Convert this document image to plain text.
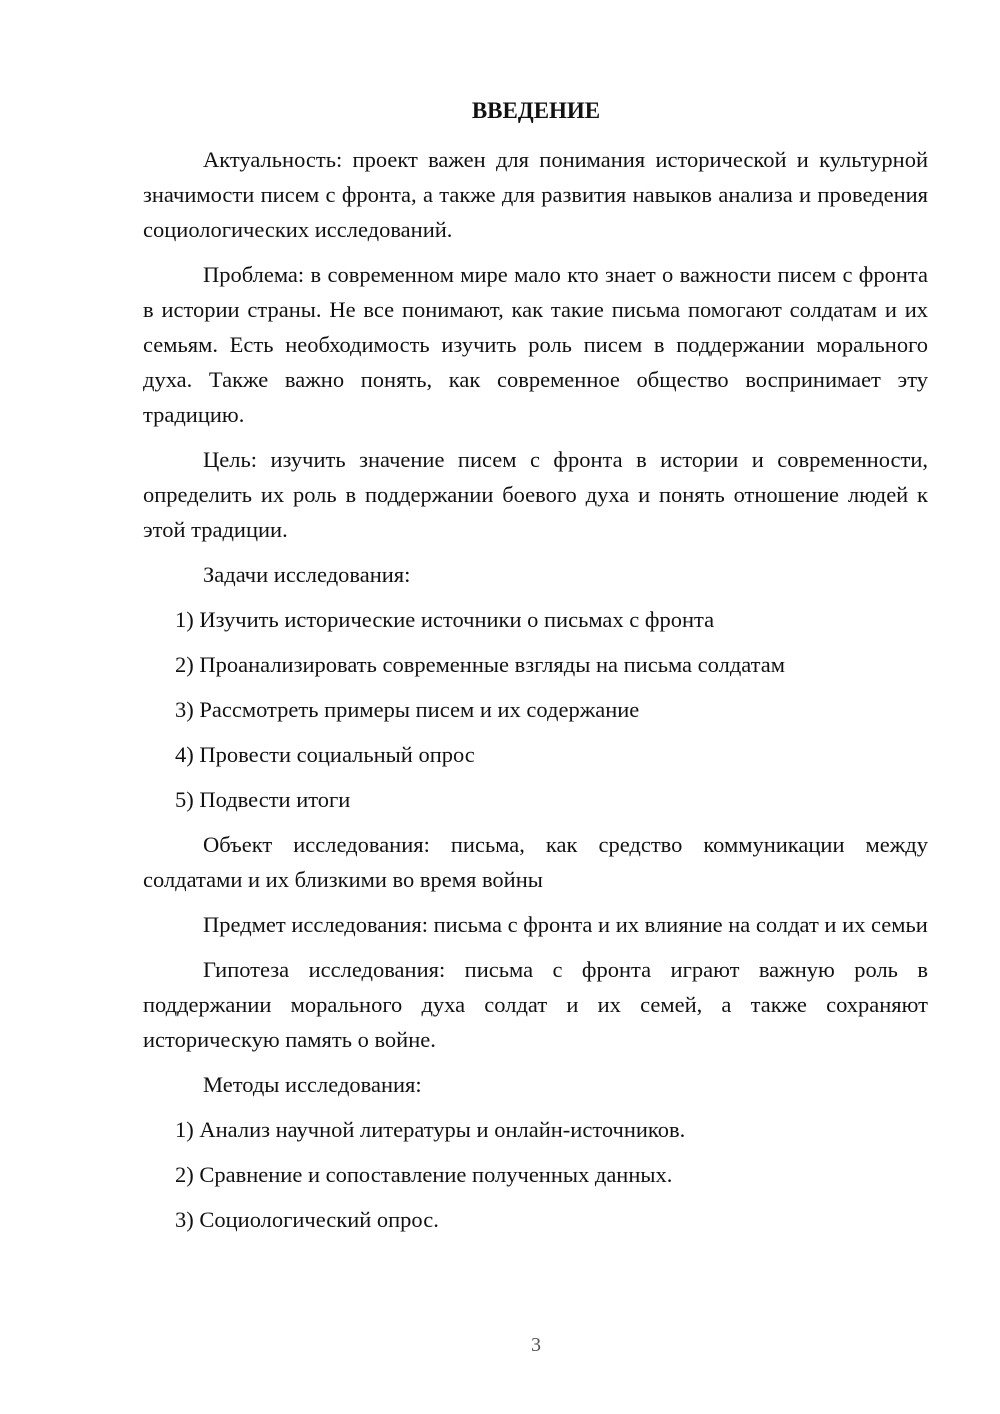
ВВЕДЕНИЕ

Актуальность: проект важен для понимания исторической и культурной значимости писем с фронта, а также для развития навыков анализа и проведения социологических исследований.

Проблема: в современном мире мало кто знает о важности писем с фронта в истории страны. Не все понимают, как такие письма помогают солдатам и их семьям. Есть необходимость изучить роль писем в поддержании морального духа. Также важно понять, как современное общество воспринимает эту традицию.

Цель: изучить значение писем с фронта в истории и современности, определить их роль в поддержании боевого духа и понять отношение людей к этой традиции.

Задачи исследования:

1) Изучить исторические источники о письмах с фронта

2) Проанализировать современные взгляды на письма солдатам

3) Рассмотреть примеры писем и их содержание

4) Провести социальный опрос

5) Подвести итоги

Объект исследования: письма, как средство коммуникации между солдатами и их близкими во время войны

Предмет исследования: письма с фронта и их влияние на солдат и их семьи

Гипотеза исследования: письма с фронта играют важную роль в поддержании морального духа солдат и их семей, а также сохраняют историческую память о войне.

Методы исследования:

1) Анализ научной литературы и онлайн-источников.

2) Сравнение и сопоставление полученных данных.

3) Социологический опрос.

3
